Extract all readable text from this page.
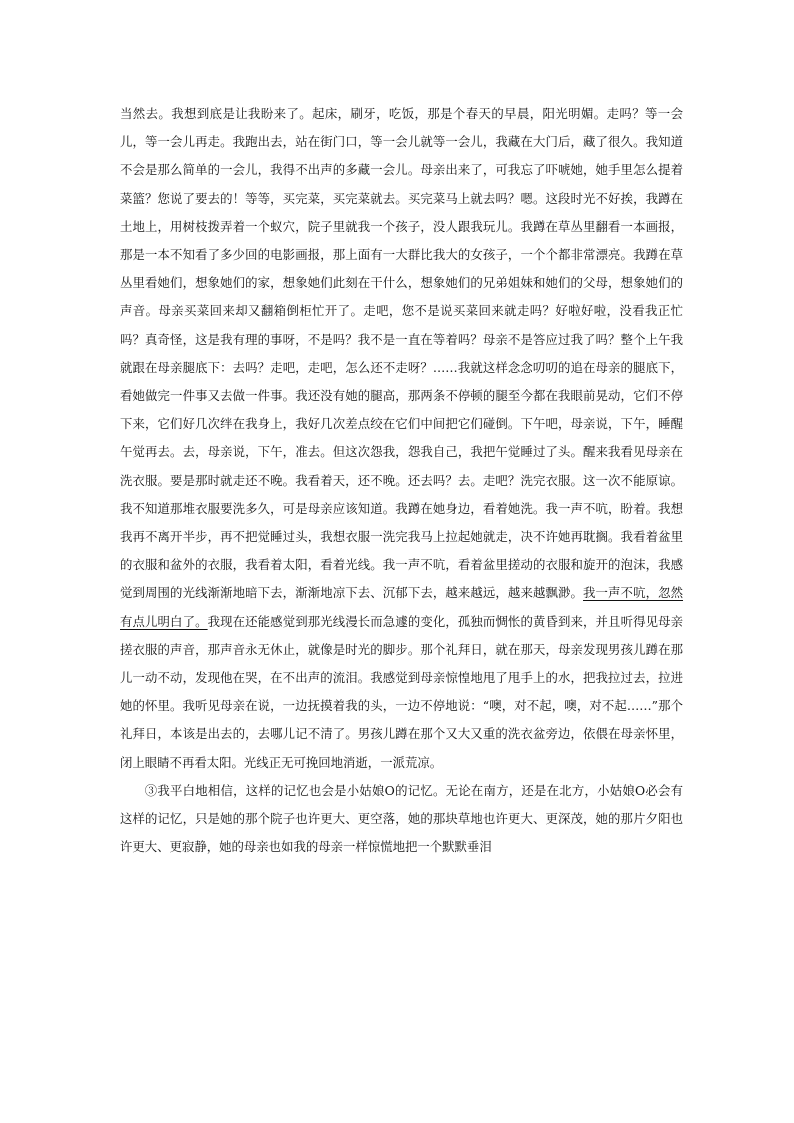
当然去。我想到底是让我盼来了。起床，刷牙，吃饭，那是个春天的早晨，阳光明媚。走吗？等一会儿，等一会儿再走。我跑出去，站在街门口，等一会儿就等一会儿，我藏在大门后，藏了很久。我知道不会是那么简单的一会儿，我得不出声的多藏一会儿。母亲出来了，可我忘了吓唬她，她手里怎么提着菜篮？您说了要去的！等等，买完菜，买完菜就去。买完菜马上就去吗？嗯。这段时光不好挨，我蹲在土地上，用树枝拨弄着一个蚁穴，院子里就我一个孩子，没人跟我玩儿。我蹲在草丛里翻看一本画报，那是一本不知看了多少回的电影画报，那上面有一大群比我大的女孩子，一个个都非常漂亮。我蹲在草丛里看她们，想象她们的家，想象她们此刻在干什么，想象她们的兄弟姐妹和她们的父母，想象她们的声音。母亲买菜回来却又翻箱倒柜忙开了。走吧，您不是说买菜回来就走吗？好啦好啦，没看我正忙吗？真奇怪，这是我有理的事呀，不是吗？我不是一直在等着吗？母亲不是答应过我了吗？整个上午我就跟在母亲腿底下：去吗？走吧，走吧，怎么还不走呀？……我就这样念念叨叨的追在母亲的腿底下，看她做完一件事又去做一件事。我还没有她的腿高，那两条不停顿的腿至今都在我眼前晃动，它们不停下来，它们好几次绊在我身上，我好几次差点绞在它们中间把它们碰倒。下午吧，母亲说，下午，睡醒午觉再去。去，母亲说，下午，准去。但这次怨我，怨我自己，我把午觉睡过了头。醒来我看见母亲在洗衣服。要是那时就走还不晚。我看着天，还不晚。还去吗？去。走吧？洗完衣服。这一次不能原谅。我不知道那堆衣服要洗多久，可是母亲应该知道。我蹲在她身边，看着她洗。我一声不吭，盼着。我想我再不离开半步，再不把觉睡过头，我想衣服一洗完我马上拉起她就走，决不许她再耽搁。我看着盆里的衣服和盆外的衣服，我看着太阳，看着光线。我一声不吭，看着盆里搓动的衣服和旋开的泡沫，我感觉到周围的光线渐渐地暗下去，渐渐地凉下去、沉郁下去，越来越远，越来越飘渺。我一声不吭，忽然有点儿明白了。我现在还能感觉到那光线漫长而急遽的变化，孤独而惆怅的黄昏到来，并且听得见母亲搓衣服的声音，那声音永无休止，就像是时光的脚步。那个礼拜日，就在那天，母亲发现男孩儿蹲在那儿一动不动，发现他在哭，在不出声的流泪。我感觉到母亲惊惶地甩了甩手上的水，把我拉过去，拉进她的怀里。我听见母亲在说，一边抚摸着我的头，一边不停地说：“噢，对不起，噢，对不起……”那个礼拜日，本该是出去的，去哪儿记不清了。男孩儿蹲在那个又大又重的洗衣盆旁边，依偎在母亲怀里，闭上眼睛不再看太阳。光线正无可挽回地消逝，一派荒凉。

③我平白地相信，这样的记忆也会是小姑娘O的记忆。无论在南方，还是在北方，小姑娘O必会有这样的记忆，只是她的那个院子也许更大、更空落，她的那块草地也许更大、更深茂，她的那片夕阳也许更大、更寂静，她的母亲也如我的母亲一样惊慌地把一个默默垂泪
